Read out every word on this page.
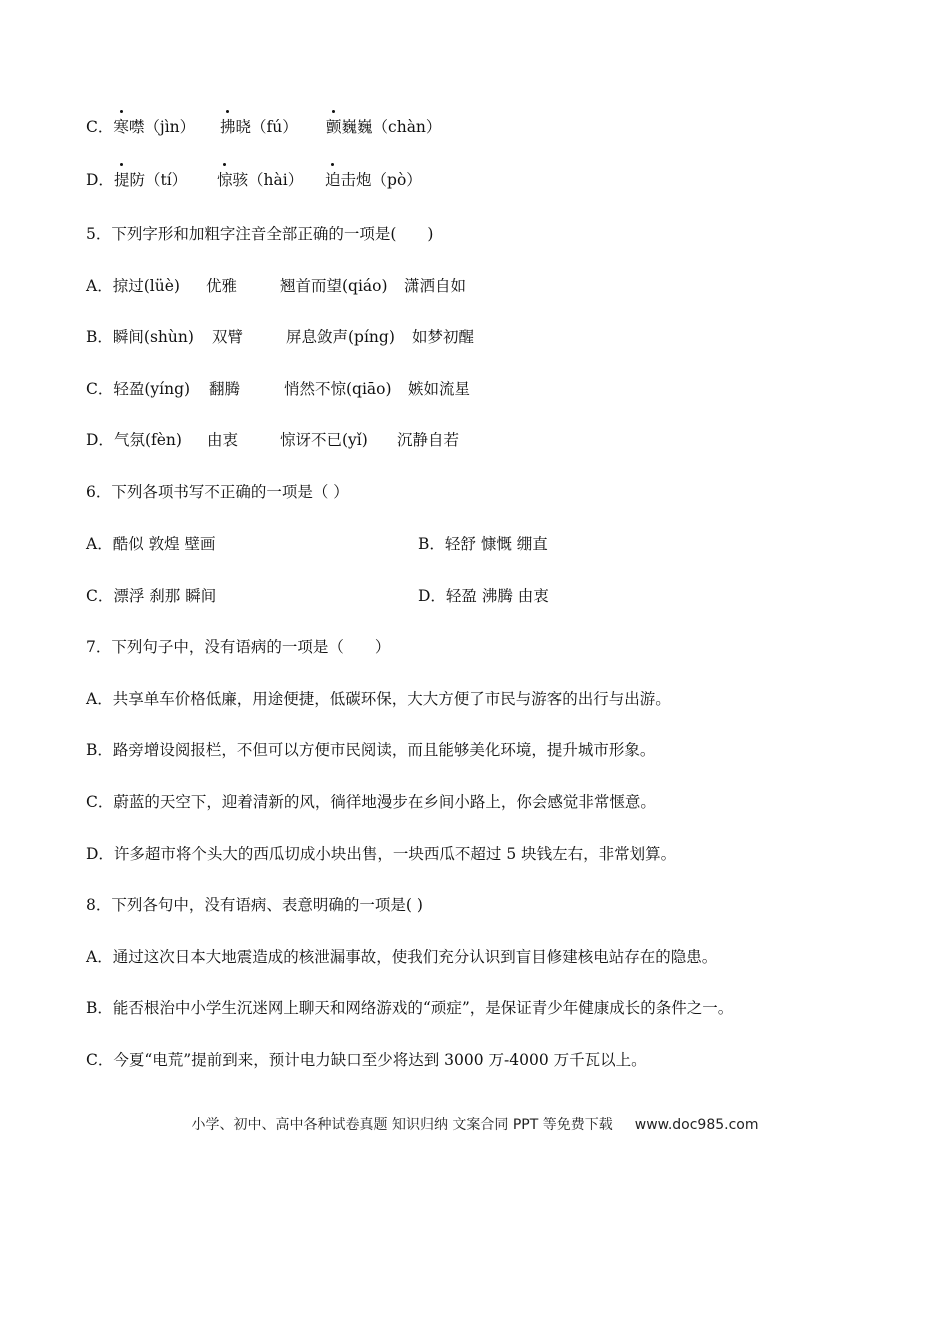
C．寒噤（jìn） 拂晓（fú） 颤巍巍（chàn）

D．提防（tí） 惊骇（hài） 迫击炮（pò）

5．下列字形和加粗字注音全部正确的一项是(　　)

A．掠过(lüè) 优雅	翘首而望(qiáo) 潇洒自如

B．瞬间(shùn) 双臂	屏息敛声(píng) 如梦初醒

C．轻盈(yíng) 翻腾	悄然不惊(qiāo) 嫉如流星

D．气氛(fèn) 由衷	惊讶不已(yǐ) 沉静自若

6．下列各项书写不正确的一项是（ ）

A．酷似 敦煌 壁画	B．轻舒 慷慨 绷直

C．漂浮 刹那 瞬间	D．轻盈 沸腾 由衷

7．下列句子中，没有语病的一项是（　　）

A．共享单车价格低廉，用途便捷，低碳环保，大大方便了市民与游客的出行与出游。

B．路旁增设阅报栏，不但可以方便市民阅读，而且能够美化环境，提升城市形象。

C．蔚蓝的天空下，迎着清新的风，徜徉地漫步在乡间小路上，你会感觉非常惬意。

D．许多超市将个头大的西瓜切成小块出售，一块西瓜不超过 5 块钱左右，非常划算。

8．下列各句中，没有语病、表意明确的一项是( )

A．通过这次日本大地震造成的核泄漏事故，使我们充分认识到盲目修建核电站存在的隐患。

B．能否根治中小学生沉迷网上聊天和网络游戏的“顽症”，是保证青少年健康成长的条件之一。

C．今夏“电荒”提前到来，预计电力缺口至少将达到 3000 万-4000 万千瓦以上。

小学、初中、高中各种试卷真题 知识归纳 文案合同 PPT 等免费下载 www.doc985.com
